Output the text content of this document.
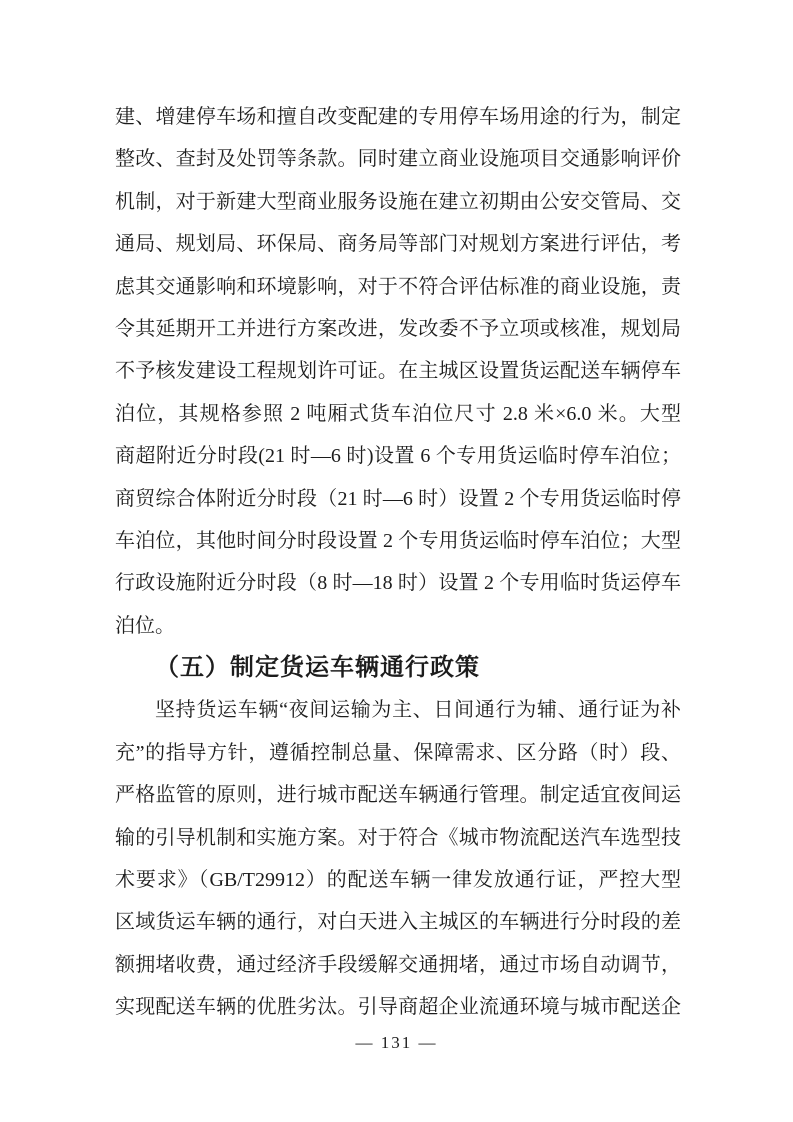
建、增建停车场和擅自改变配建的专用停车场用途的行为，制定
整改、查封及处罚等条款。同时建立商业设施项目交通影响评价
机制，对于新建大型商业服务设施在建立初期由公安交管局、交
通局、规划局、环保局、商务局等部门对规划方案进行评估，考
虑其交通影响和环境影响，对于不符合评估标准的商业设施，责
令其延期开工并进行方案改进，发改委不予立项或核准，规划局
不予核发建设工程规划许可证。在主城区设置货运配送车辆停车
泊位，其规格参照 2 吨厢式货车泊位尺寸 2.8 米×6.0 米。大型
商超附近分时段(21 时—6 时)设置 6 个专用货运临时停车泊位；
商贸综合体附近分时段（21 时—6 时）设置 2 个专用货运临时停
车泊位，其他时间分时段设置 2 个专用货运临时停车泊位；大型
行政设施附近分时段（8 时—18 时）设置 2 个专用临时货运停车
泊位。
（五）制定货运车辆通行政策
坚持货运车辆“夜间运输为主、日间通行为辅、通行证为补
充”的指导方针，遵循控制总量、保障需求、区分路（时）段、
严格监管的原则，进行城市配送车辆通行管理。制定适宜夜间运
输的引导机制和实施方案。对于符合《城市物流配送汽车选型技
术要求》（GB/T29912）的配送车辆一律发放通行证，严控大型
区域货运车辆的通行，对白天进入主城区的车辆进行分时段的差
额拥堵收费，通过经济手段缓解交通拥堵，通过市场自动调节，
实现配送车辆的优胜劣汰。引导商超企业流通环境与城市配送企
— 131 —
